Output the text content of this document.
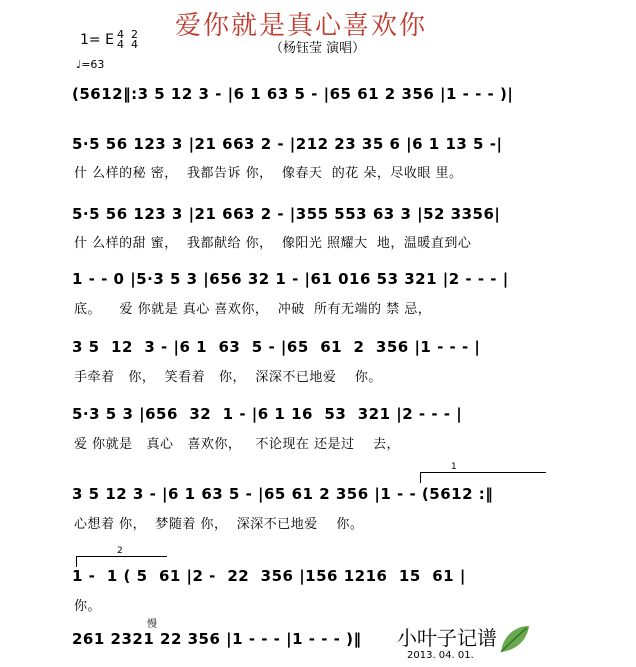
爱你就是真心喜欢你
（杨钰莹 演唱）
1= E 4
4
2
4
♩=63
(5612‖:3 5 12 3 - |6 1 63 5 - |65 61 2 356 |1 - - - )|
5·5 56 123 3 |21 663 2 - |212 23 35 6 |6 1 13 5 -|
什 么样的秘 密，  我都告诉 你，  像春天  的花 朵，尽收眼 里。
5·5 56 123 3 |21 663 2 - |355 553 63 3 |52 3356|
什 么样的甜 蜜，  我都献给 你，  像阳光 照耀大  地，温暖直到心
1 - - 0 |5·3 5 3 |656 32 1 - |61 016 53 321 |2 - - - |
底。    爱 你就是 真心 喜欢你，  冲破  所有无端的 禁 忌，
3 5  12  3 - |6 1  63  5 - |65  61  2  356 |1 - - - |
手牵着   你，  笑看着   你，  深深不已地爱    你。
5·3 5 3 |656  32  1 - |6 1 16  53  321 |2 - - - |
爱 你就是   真心   喜欢你，   不论现在 还是过    去，
1
3 5 12 3 - |6 1 63 5 - |65 61 2 356 |1 - - (5612 :‖
心想着 你，  梦随着 你，  深深不已地爱    你。
2
1 -  1 ( 5  61 |2 -  22  356 |156 1216  15  61 |
你。
慢
261 2321 22 356 |1 - - - |1 - - - )‖ 小叶子记谱
2013. 04. 01.
